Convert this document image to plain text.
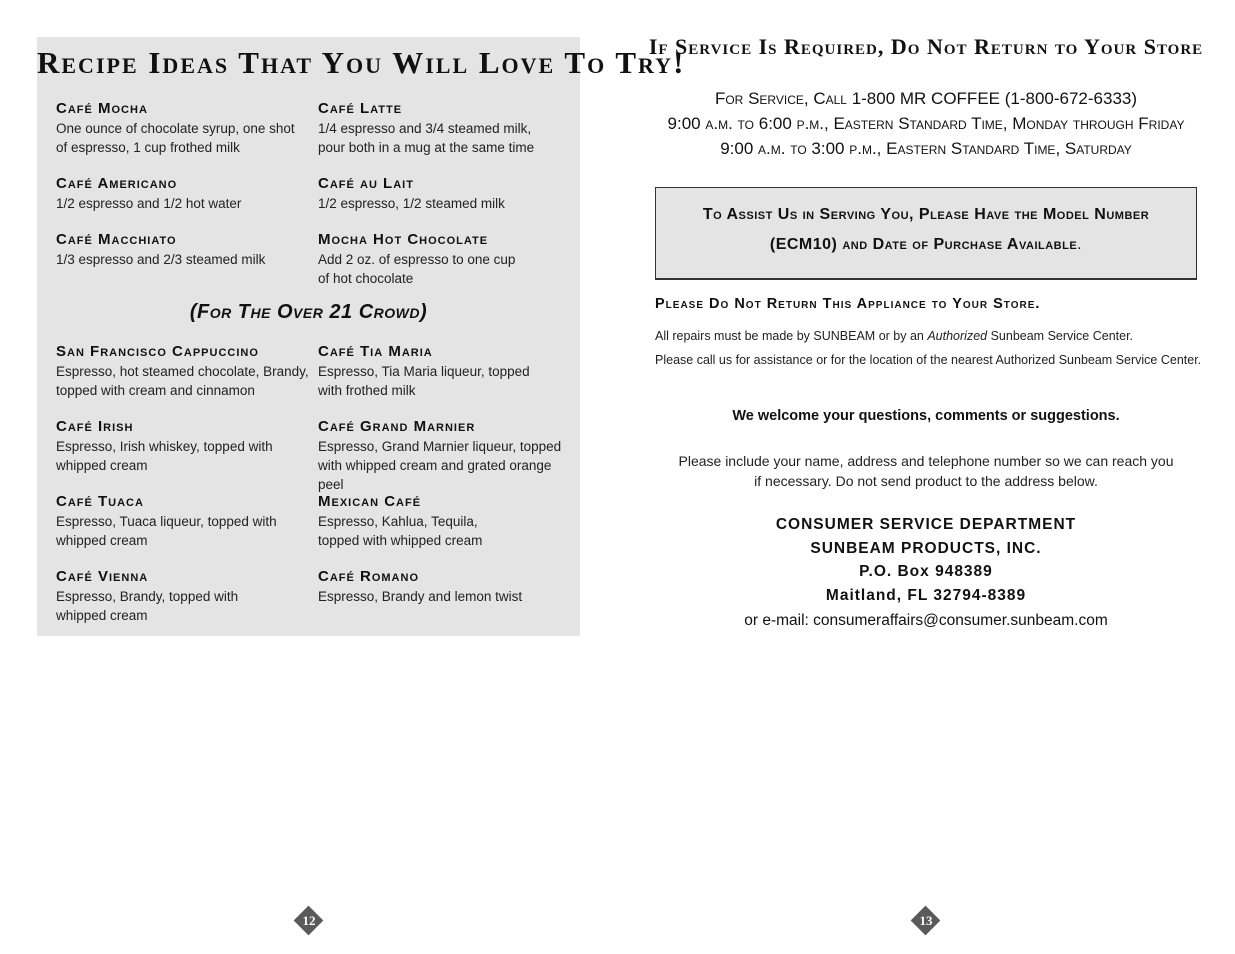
Recipe Ideas That You Will Love To Try!
Café Mocha
One ounce of chocolate syrup, one shot
of espresso, 1 cup frothed milk
Café Latte
1/4 espresso and 3/4 steamed milk,
pour both in a mug at the same time
Café Americano
1/2 espresso and 1/2 hot water
Café au Lait
1/2 espresso, 1/2 steamed milk
Café Macchiato
1/3 espresso and 2/3 steamed milk
Mocha Hot Chocolate
Add 2 oz. of espresso to one cup
of hot chocolate
(For The Over 21 Crowd)
San Francisco Cappuccino
Espresso, hot steamed chocolate, Brandy,
topped with cream and cinnamon
Café Tia Maria
Espresso, Tia Maria liqueur, topped
with frothed milk
Café Irish
Espresso, Irish whiskey, topped with
whipped cream
Café Grand Marnier
Espresso, Grand Marnier liqueur, topped
with whipped cream and grated orange peel
Café Tuaca
Espresso, Tuaca liqueur, topped with
whipped cream
Mexican Café
Espresso, Kahlua, Tequila,
topped with whipped cream
Café Vienna
Espresso, Brandy, topped with
whipped cream
Café Romano
Espresso, Brandy and lemon twist
12
If Service Is Required, Do Not Return to Your Store
For Service, Call 1-800 MR COFFEE (1-800-672-6333)
9:00 a.m. to 6:00 p.m., Eastern Standard Time, Monday through Friday
9:00 a.m. to 3:00 p.m., Eastern Standard Time, Saturday
To Assist Us in Serving You, Please Have the Model Number
(ECM10) and Date of Purchase Available.
Please Do Not Return This Appliance to Your Store.
All repairs must be made by SUNBEAM or by an Authorized Sunbeam Service Center.
Please call us for assistance or for the location of the nearest Authorized Sunbeam Service Center.
We welcome your questions, comments or suggestions.
Please include your name, address and telephone number so we can reach you
if necessary. Do not send product to the address below.
CONSUMER SERVICE DEPARTMENT
SUNBEAM PRODUCTS, INC.
P.O. Box 948389
Maitland, FL 32794-8389
or e-mail: consumeraffairs@consumer.sunbeam.com
13
